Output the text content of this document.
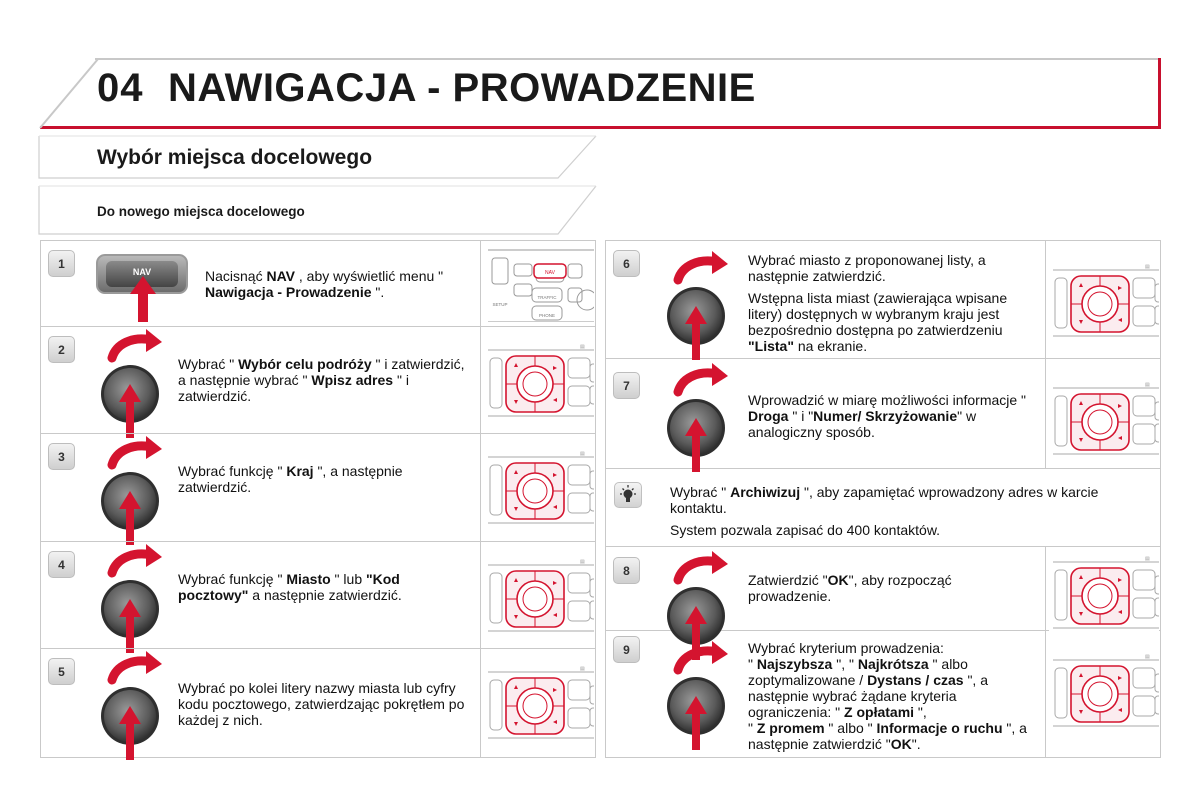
04 NAWIGACJA - PROWADZENIE
Wybór miejsca docelowego
Do nowego miejsca docelowego
NAV

Wybrać " Archiwizuj ", aby zapamiętać wprowadzony adres w karcie kontaktu.

System pozwala zapisać do 400 kontaktów.

1
Nacisnąć NAV , aby wyświetlić menu " Nawigacja - Prowadzenie ".
NAV
TRAFFIC
PHONE
SETUP
2
Wybrać " Wybór celu podróży " i zatwierdzić, a następnie wybrać " Wpisz adres " i zatwierdzić.
▤
3
Wybrać funkcję " Kraj ", a następnie zatwierdzić.
▤
4
Wybrać funkcję " Miasto " lub "Kod pocztowy" a następnie zatwierdzić.
▤
5
Wybrać po kolei litery nazwy miasta lub cyfry kodu pocztowego, zatwierdzając pokrętłem po każdej z nich.
▤
6	Wybrać miasto z proponowanej listy, a następnie zatwierdzić.

Wstępna lista miast (zawierająca wpisane litery) dostępnych w wybranym kraju jest bezpośrednio dostępna po zatwierdzeniu "Lista" na ekranie.

▤
7
Wprowadzić w miarę możliwości informacje " Droga " i "Numer/ Skrzyżowanie" w analogiczny sposób.
▤
8
Zatwierdzić "OK", aby rozpocząć prowadzenie.
▤
9	Wybrać kryterium prowadzenia:
" Najszybsza ", " Najkrótsza " albo zoptymalizowane / Dystans / czas ", a następnie wybrać żądane kryteria ograniczenia: " Z opłatami ",
" Z promem " albo " Informacje o ruchu ", a następnie zatwierdzić "OK".
▤
